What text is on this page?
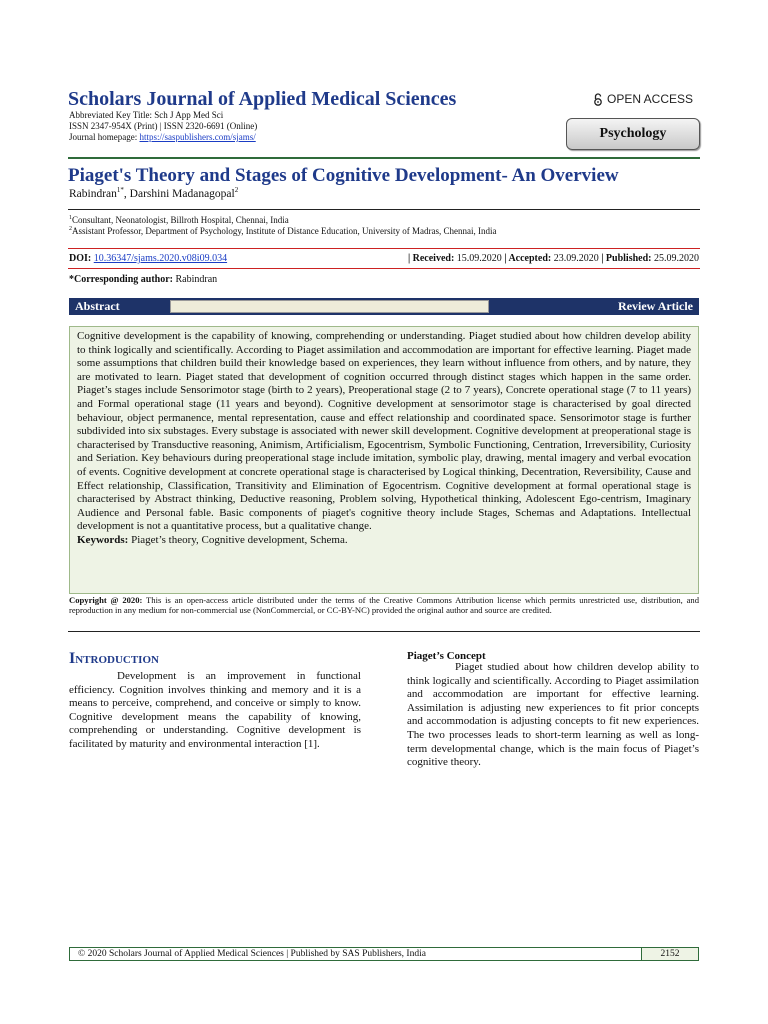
Scholars Journal of Applied Medical Sciences
Abbreviated Key Title: Sch J App Med Sci
ISSN 2347-954X (Print) | ISSN 2320-6691 (Online)
Journal homepage: https://saspublishers.com/sjams/
OPEN ACCESS
Psychology
Piaget's Theory and Stages of Cognitive Development- An Overview
Rabindran$^{1*}$, Darshini Madanagopal$^2$
$^1$Consultant, Neonatologist, Billroth Hospital, Chennai, India
$^2$Assistant Professor, Department of Psychology, Institute of Distance Education, University of Madras, Chennai, India
DOI: 10.36347/sjams.2020.v08i09.034	| Received: 15.09.2020 | Accepted: 23.09.2020 | Published: 25.09.2020
*Corresponding author: Rabindran
Abstract	Review Article
Cognitive development is the capability of knowing, comprehending or understanding. Piaget studied about how children develop ability to think logically and scientifically. According to Piaget assimilation and accommodation are important for effective learning. Piaget made some assumptions that children build their knowledge based on experiences, they learn without influence from others, and by nature, they are motivated to learn. Piaget stated that development of cognition occurred through distinct stages which happen in the same order. Piaget’s stages include Sensorimotor stage (birth to 2 years), Preoperational stage (2 to 7 years), Concrete operational stage (7 to 11 years) and Formal operational stage (11 years and beyond). Cognitive development at sensorimotor stage is characterised by goal directed behaviour, object permanence, mental representation, cause and effect relationship and coordinated space. Sensorimotor stage is further subdivided into six substages. Every substage is associated with newer skill development. Cognitive development at preoperational stage is characterised by Transductive reasoning, Animism, Artificialism, Egocentrism, Symbolic Functioning, Centration, Irreversibility, Curiosity and Seriation. Key behaviours during preoperational stage include imitation, symbolic play, drawing, mental imagery and verbal evocation of events. Cognitive development at concrete operational stage is characterised by Logical thinking, Decentration, Reversibility, Cause and Effect relationship, Classification, Transitivity and Elimination of Egocentrism. Cognitive development at formal operational stage is characterised by Abstract thinking, Deductive reasoning, Problem solving, Hypothetical thinking, Adolescent Ego-centrism, Imaginary Audience and Personal fable. Basic components of piaget's cognitive theory include Stages, Schemas and Adaptations. Intellectual development is not a quantitative process, but a qualitative change.
Keywords: Piaget’s theory, Cognitive development, Schema.
Copyright @ 2020: This is an open-access article distributed under the terms of the Creative Commons Attribution license which permits unrestricted use, distribution, and reproduction in any medium for non-commercial use (NonCommercial, or CC-BY-NC) provided the original author and source are credited.
Introduction
Development is an improvement in functional efficiency. Cognition involves thinking and memory and it is a means to perceive, comprehend, and conceive or simply to know. Cognitive development means the capability of knowing, comprehending or understanding. Cognitive development is facilitated by maturity and environmental interaction [1].
Piaget’s Concept
Piaget studied about how children develop ability to think logically and scientifically. According to Piaget assimilation and accommodation are important for effective learning. Assimilation is adjusting new experiences to fit prior concepts and accommodation is adjusting concepts to fit new experiences. The two processes leads to short-term learning as well as long-term developmental change, which is the main focus of Piaget’s cognitive theory.
© 2020 Scholars Journal of Applied Medical Sciences | Published by SAS Publishers, India	2152
